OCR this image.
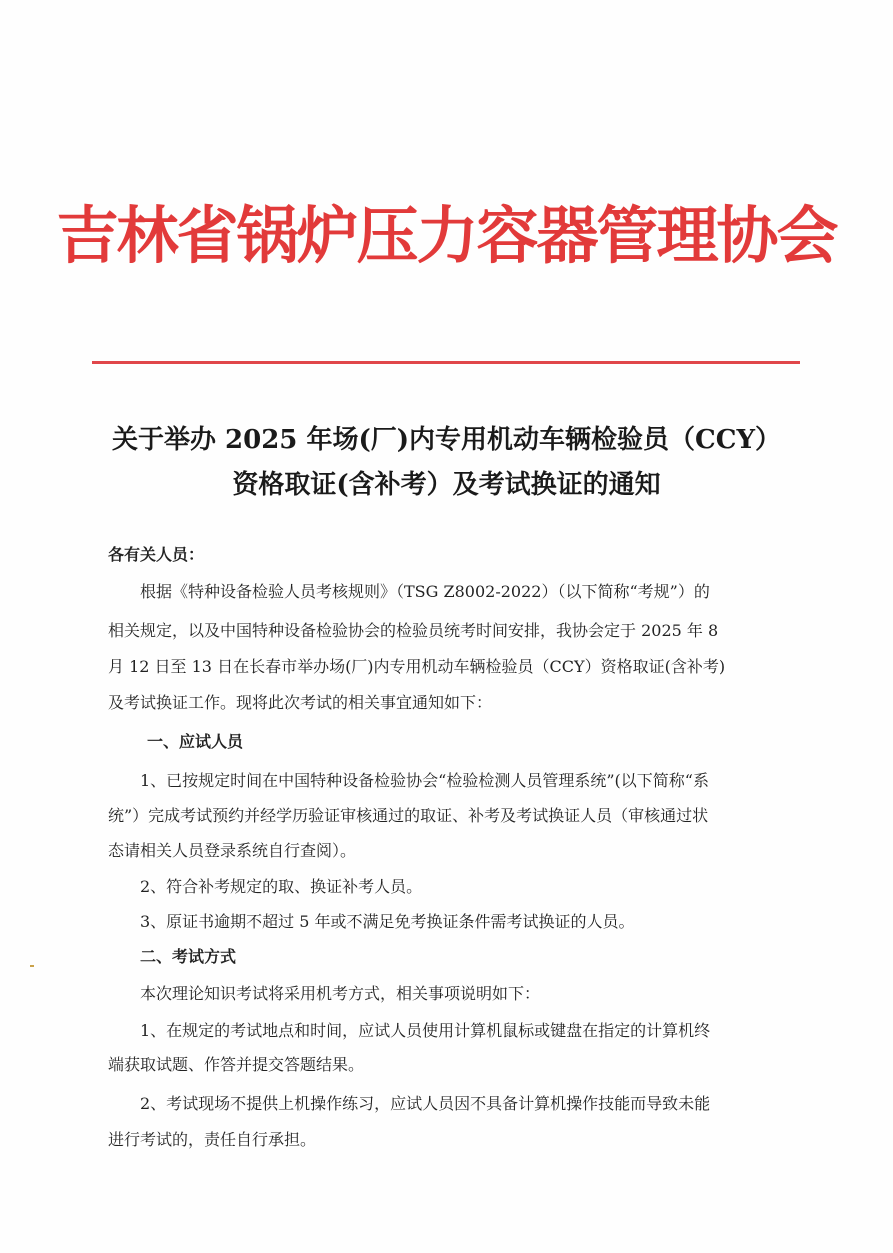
吉林省锅炉压力容器管理协会
关于举办 2025 年场(厂)内专用机动车辆检验员（CCY）
资格取证(含补考）及考试换证的通知
各有关人员：
根据《特种设备检验人员考核规则》（TSG Z8002-2022）（以下简称“考规”）的
相关规定，以及中国特种设备检验协会的检验员统考时间安排，我协会定于 2025 年 8
月 12 日至 13 日在长春市举办场(厂)内专用机动车辆检验员（CCY）资格取证(含补考)
及考试换证工作。现将此次考试的相关事宜通知如下：
一、应试人员
1、已按规定时间在中国特种设备检验协会“检验检测人员管理系统”(以下简称“系
统”）完成考试预约并经学历验证审核通过的取证、补考及考试换证人员（审核通过状
态请相关人员登录系统自行查阅）。
2、符合补考规定的取、换证补考人员。
3、原证书逾期不超过 5 年或不满足免考换证条件需考试换证的人员。
二、考试方式
本次理论知识考试将采用机考方式，相关事项说明如下：
1、在规定的考试地点和时间，应试人员使用计算机鼠标或键盘在指定的计算机终
端获取试题、作答并提交答题结果。
2、考试现场不提供上机操作练习，应试人员因不具备计算机操作技能而导致未能
进行考试的，责任自行承担。
